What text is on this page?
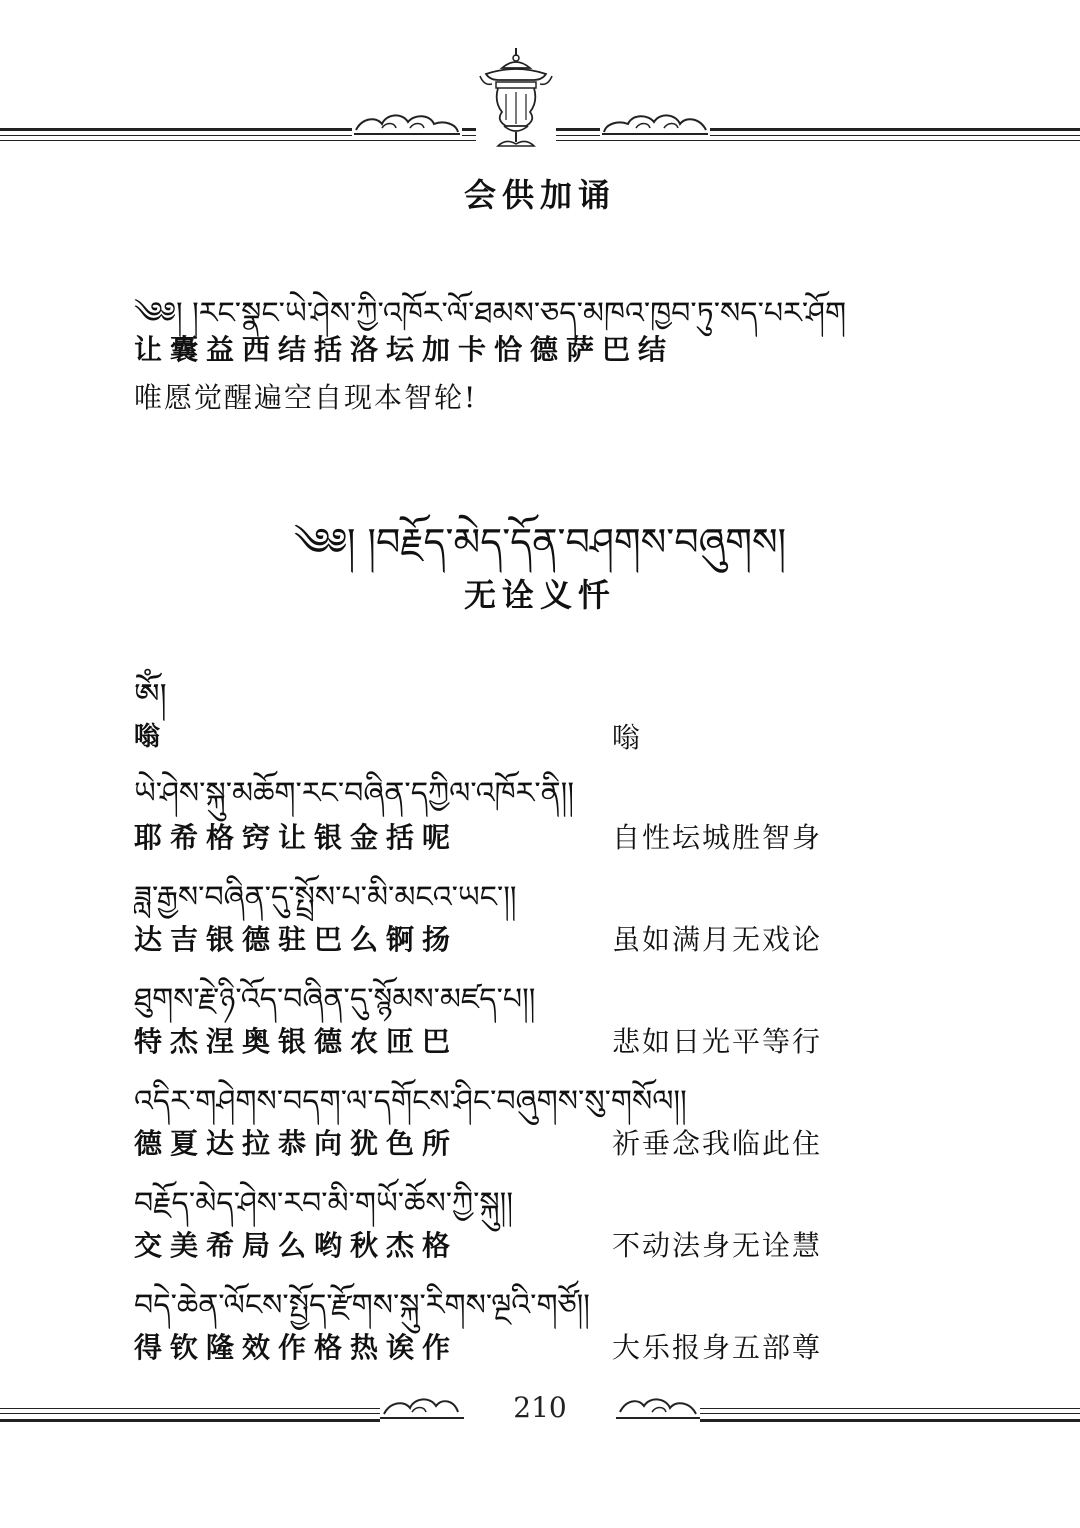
会供加诵
༄༅། །རང་སྣང་ཡེ་ཤེས་ཀྱི་འཁོར་ལོ་ཐམས་ཅད་མཁའ་ཁྱབ་ཏུ་སད་པར་ཤོག
让囊益西结括洛坛加卡恰德萨巴结
唯愿觉醒遍空自现本智轮!
༄༅། །བརྗོད་མེད་དོན་བཤགས་བཞུགས།
无诠义忏
ༀ།
嗡	嗡
ཡེ་ཤེས་སྐུ་མཆོག་རང་བཞིན་དཀྱིལ་འཁོར་ནི།།
耶希格窍让银金括呢	自性坛城胜智身
ཟླ་རྒྱས་བཞིན་དུ་སྤྲོས་པ་མི་མངའ་ཡང་།།
达吉银德驻巴么锕扬	虽如满月无戏论
ཐུགས་རྗེ་ཉི་འོད་བཞིན་དུ་སྙོམས་མཛད་པ།།
特杰涅奥银德农匝巴	悲如日光平等行
འདིར་གཤེགས་བདག་ལ་དགོངས་ཤིང་བཞུགས་སུ་གསོལ།།
德夏达拉恭向犹色所	祈垂念我临此住
བརྗོད་མེད་ཤེས་རབ་མི་གཡོ་ཆོས་ཀྱི་སྐུ།།
交美希局么哟秋杰格	不动法身无诠慧
བདེ་ཆེན་ལོངས་སྤྱོད་རྫོགས་སྐུ་རིགས་ལྔའི་གཙོ།།
得钦隆效作格热诶作	大乐报身五部尊
210
